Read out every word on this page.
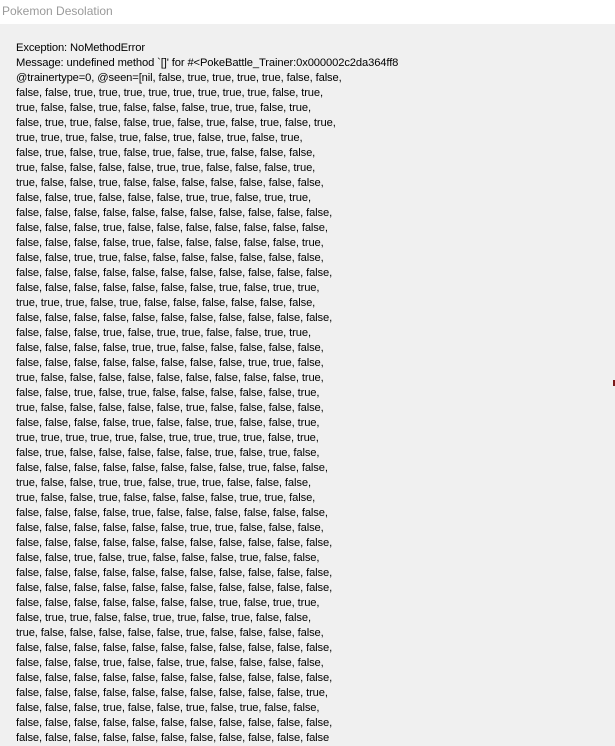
Pokemon Desolation
Exception: NoMethodError
Message: undefined method `[]' for #<PokeBattle_Trainer:0x000002c2da364ff8
@trainertype=0, @seen=[nil, false, true, true, true, true, false, false,
false, false, true, true, true, true, true, true, true, true, false, true,
true, false, false, true, false, false, false, true, true, false, true,
false, true, true, false, false, true, false, true, false, true, false, true,
true, true, true, false, true, false, true, false, true, false, true,
false, true, false, true, false, true, false, true, false, false, false,
true, false, false, false, false, true, true, false, false, false, true,
true, false, false, true, false, false, false, false, false, false, false,
false, false, true, false, false, false, true, true, false, true, true,
false, false, false, false, false, false, false, false, false, false, false,
false, false, false, true, false, false, false, false, false, false, false,
false, false, false, false, true, false, false, false, false, false, true,
false, false, true, true, false, false, false, false, false, false, false,
false, false, false, false, false, false, false, false, false, false, false,
false, false, false, false, false, false, false, true, false, true, true,
true, true, true, false, true, false, false, false, false, false, false,
false, false, false, false, false, false, false, false, false, false, false,
false, false, false, true, false, true, true, false, false, true, true,
false, false, false, false, true, true, false, false, false, false, false,
false, false, false, false, false, false, false, false, true, true, false,
true, false, false, false, false, false, false, false, false, false, true,
false, false, true, false, true, false, false, false, false, false, true,
true, false, false, false, false, false, true, false, false, false, false,
false, false, false, false, true, false, false, true, false, false, true,
true, true, true, true, true, false, true, true, true, true, false, true,
false, true, false, false, false, false, false, true, false, true, false,
false, false, false, false, false, false, false, false, true, false, false,
true, false, false, true, true, false, true, true, false, false, false,
true, false, false, true, false, false, false, false, true, true, false,
false, false, false, false, true, false, false, false, false, false, false,
false, false, false, false, false, false, true, true, false, false, false,
false, false, false, false, false, false, false, false, false, false, false,
false, false, true, false, true, false, false, false, true, false, false,
false, false, false, false, false, false, false, false, false, false, false,
false, false, false, false, false, false, false, false, false, false, false,
false, false, false, false, false, false, false, true, false, true, true,
false, true, true, false, false, true, true, false, true, false, false,
true, false, false, false, false, false, true, false, false, false, false,
false, false, false, false, false, false, false, false, false, false, false,
false, false, false, true, false, false, true, false, false, false, false,
false, false, false, false, false, false, false, false, false, false, false,
false, false, false, false, false, false, false, false, false, false, true,
false, false, false, true, false, false, true, false, true, false, false,
false, false, false, false, false, false, false, false, false, false, false,
false, false, false, false, false, false, false, false, false, false, false
